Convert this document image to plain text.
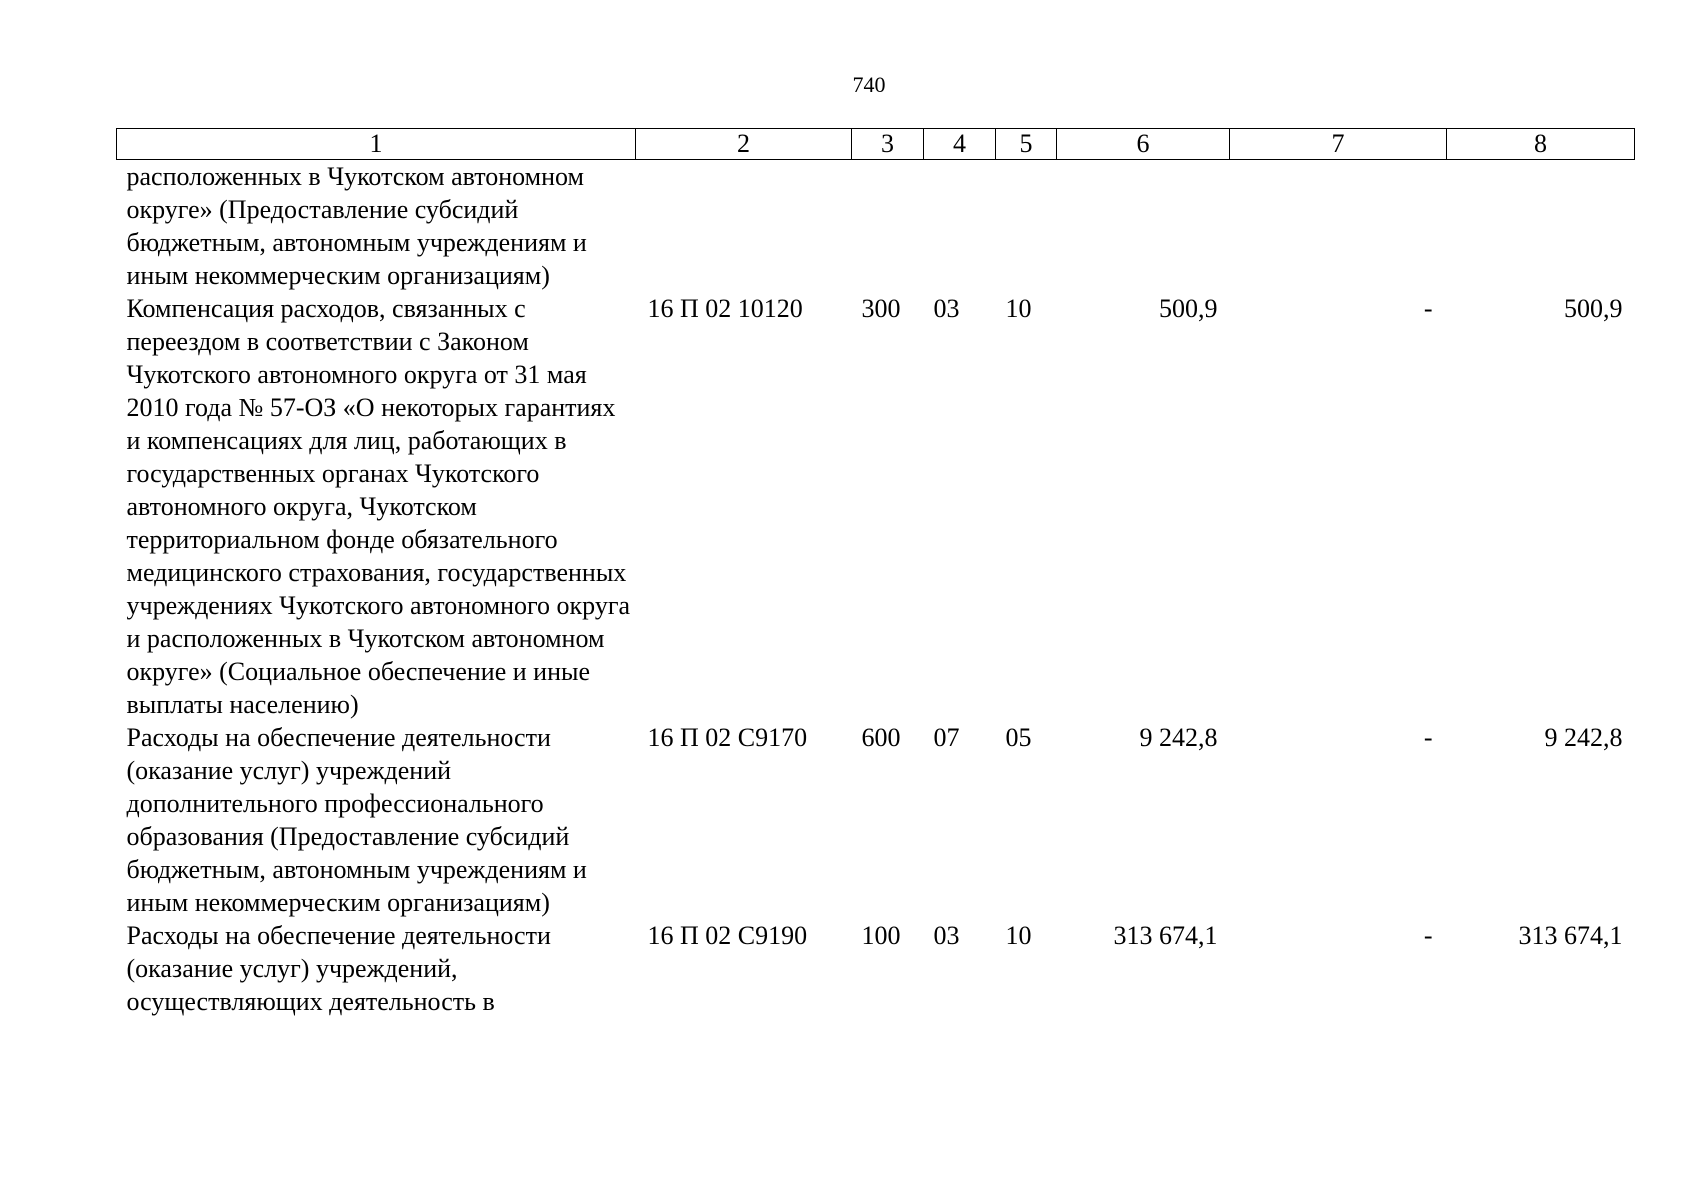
740
1	2	3	4	5	6	7	8
расположенных в Чукотском автономном округе» (Предоставление субсидий бюджетным, автономным учреждениям и иным некоммерческим организациям)							
Компенсация расходов, связанных с переездом в соответствии с Законом Чукотского автономного округа от 31 мая 2010 года № 57-ОЗ «О некоторых гарантиях и компенсациях для лиц, работающих в государственных органах Чукотского автономного округа, Чукотском территориальном фонде обязательного медицинского страхования, государственных учреждениях Чукотского автономного округа и расположенных в Чукотском автономном округе» (Социальное обеспечение и иные выплаты населению)	16 П 02 10120	300	03	10	500,9	-	500,9
Расходы на обеспечение деятельности (оказание услуг) учреждений дополнительного профессионального образования (Предоставление субсидий бюджетным, автономным учреждениям и иным некоммерческим организациям)	16 П 02 С9170	600	07	05	9 242,8	-	9 242,8
Расходы на обеспечение деятельности (оказание услуг) учреждений, осуществляющих деятельность в	16 П 02 С9190	100	03	10	313 674,1	-	313 674,1
